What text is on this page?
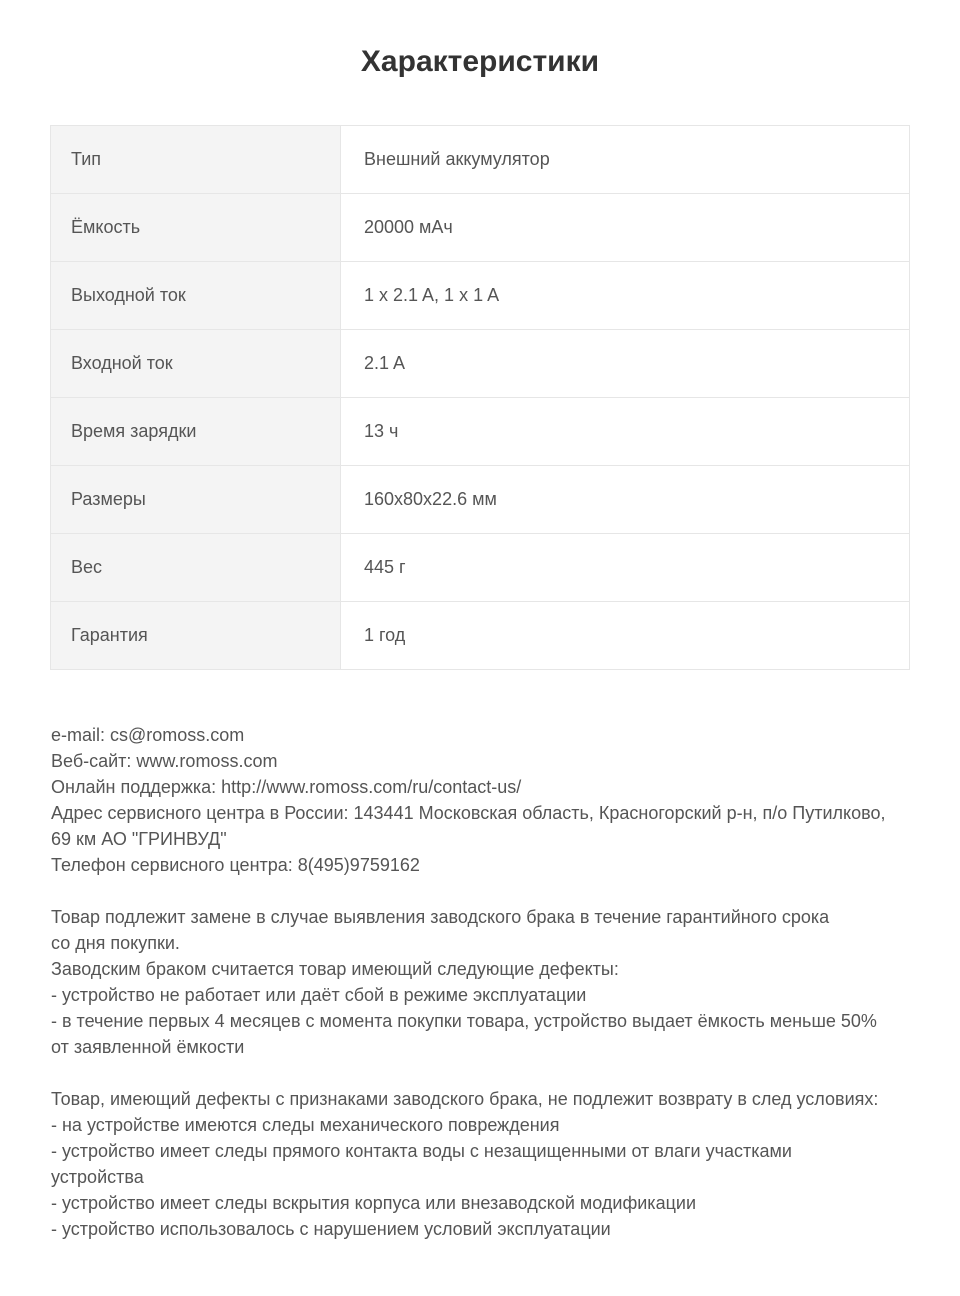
Характеристики
Тип	Внешний аккумулятор
Ёмкость	20000 мАч
Выходной ток	1 x 2.1 A, 1 x 1 A
Входной ток	2.1 A
Время зарядки	13 ч
Размеры	160x80x22.6 мм
Вес	445 г
Гарантия	1 год
e-mail: cs@romoss.com
Веб-сайт: www.romoss.com
Онлайн поддержка: http://www.romoss.com/ru/contact-us/
Адрес сервисного центра в России: 143441 Московская область, Красногорский р-н, п/о Путилково,
69 км АО "ГРИНВУД"
Телефон сервисного центра: 8(495)9759162
Товар подлежит замене в случае выявления заводского брака в течение гарантийного срока
со дня покупки.
Заводским браком считается товар имеющий следующие дефекты:
- устройство не работает или даёт сбой в режиме эксплуатации
- в течение первых 4 месяцев с момента покупки товара, устройство выдает ёмкость меньше 50%
от заявленной ёмкости
Товар, имеющий дефекты с признаками заводского брака, не подлежит возврату в след условиях:
- на устройстве имеются следы механического повреждения
- устройство имеет следы прямого контакта воды с незащищенными от влаги участками
устройства
- устройство имеет следы вскрытия корпуса или внезаводской модификации
- устройство использовалось с нарушением условий эксплуатации
